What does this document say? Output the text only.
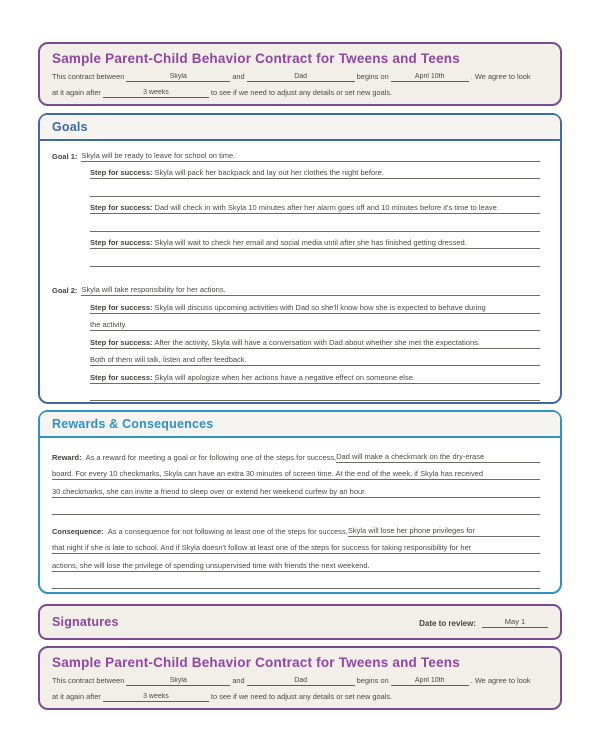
Sample Parent-Child Behavior Contract for Tweens and Teens
This contract between	Skyla	and	Dad	begins on	April 10th	. We agree to look
at it again after	3 weeks	to see if we need to adjust any details or set new goals.
Goals
Goal 1: Skyla will be ready to leave for school on time.
Step for success: Skyla will pack her backpack and lay out her clothes the night before.
Step for success: Dad will check in with Skyla 10 minutes after her alarm goes off and 10 minutes before it's time to leave.
Step for success: Skyla will wait to check her email and social media until after she has finished getting dressed.
Goal 2: Skyla will take responsibility for her actions.
Step for success: Skyla will discuss upcoming activities with Dad so she'll know how she is expected to behave during
the activity.
Step for success: After the activity, Skyla will have a conversation with Dad about whether she met the expectations.
Both of them will talk, listen and offer feedback.
Step for success: Skyla will apologize when her actions have a negative effect on someone else.
Rewards & Consequences
Reward: As a reward for meeting a goal or for following one of the steps for success, Dad will make a checkmark on the dry-erase
board. For every 10 checkmarks, Skyla can have an extra 30 minutes of screen time. At the end of the week, if Skyla has received
30 checkmarks, she can invite a friend to sleep over or extend her weekend curfew by an hour.
Consequence: As a consequence for not following at least one of the steps for success, Skyla will lose her phone privileges for
that night if she is late to school. And if Skyla doesn't follow at least one of the steps for success for taking responsibility for her
actions, she will lose the privilege of spending unsupervised time with friends the next weekend.
Signatures	Date to review:	May 1
Sample Parent-Child Behavior Contract for Tweens and Teens
This contract between	Skyla	and	Dad	begins on	April 10th	. We agree to look
at it again after	3 weeks	to see if we need to adjust any details or set new goals.
